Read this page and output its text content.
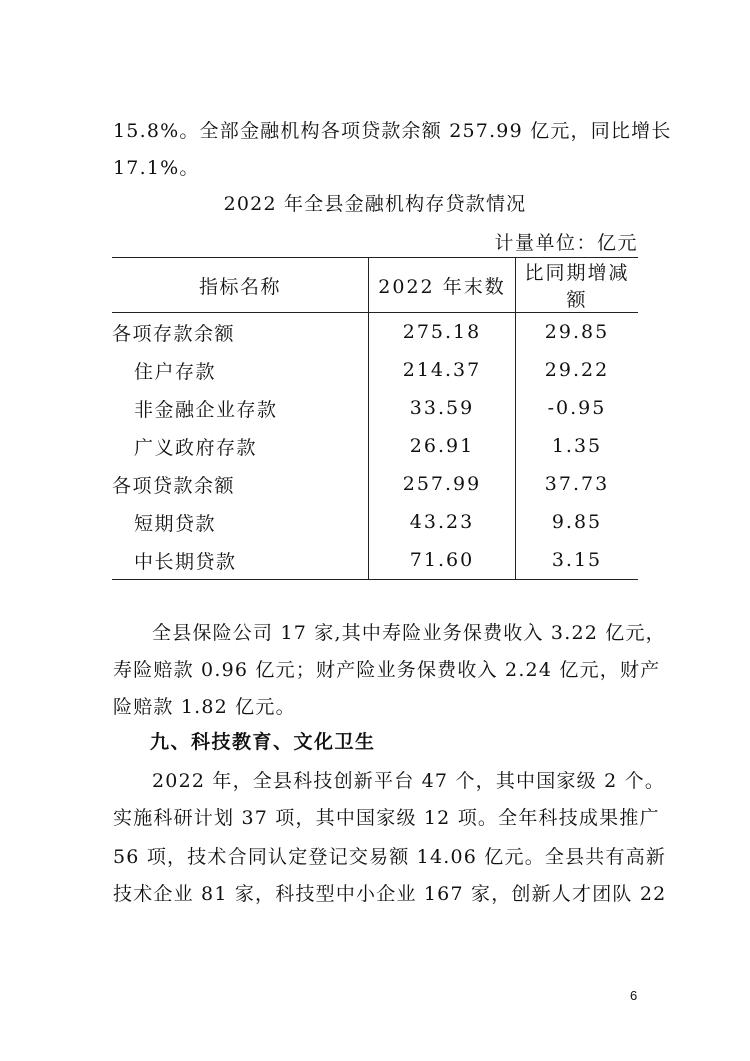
15.8%。全部金融机构各项贷款余额 257.99 亿元，同比增长
17.1%。
2022 年全县金融机构存贷款情况
计量单位：亿元
指标名称	2022 年末数	比同期增减额
各项存款余额	275.18	29.85
住户存款	214.37	29.22
非金融企业存款	33.59	-0.95
广义政府存款	26.91	1.35
各项贷款余额	257.99	37.73
短期贷款	43.23	9.85
中长期贷款	71.60	3.15
全县保险公司 17 家,其中寿险业务保费收入 3.22 亿元，
寿险赔款 0.96 亿元；财产险业务保费收入 2.24 亿元，财产
险赔款 1.82 亿元。
九、科技教育、文化卫生
2022 年，全县科技创新平台 47 个，其中国家级 2 个。
实施科研计划 37 项，其中国家级 12 项。全年科技成果推广
56 项，技术合同认定登记交易额 14.06 亿元。全县共有高新
技术企业 81 家，科技型中小企业 167 家，创新人才团队 22
6
